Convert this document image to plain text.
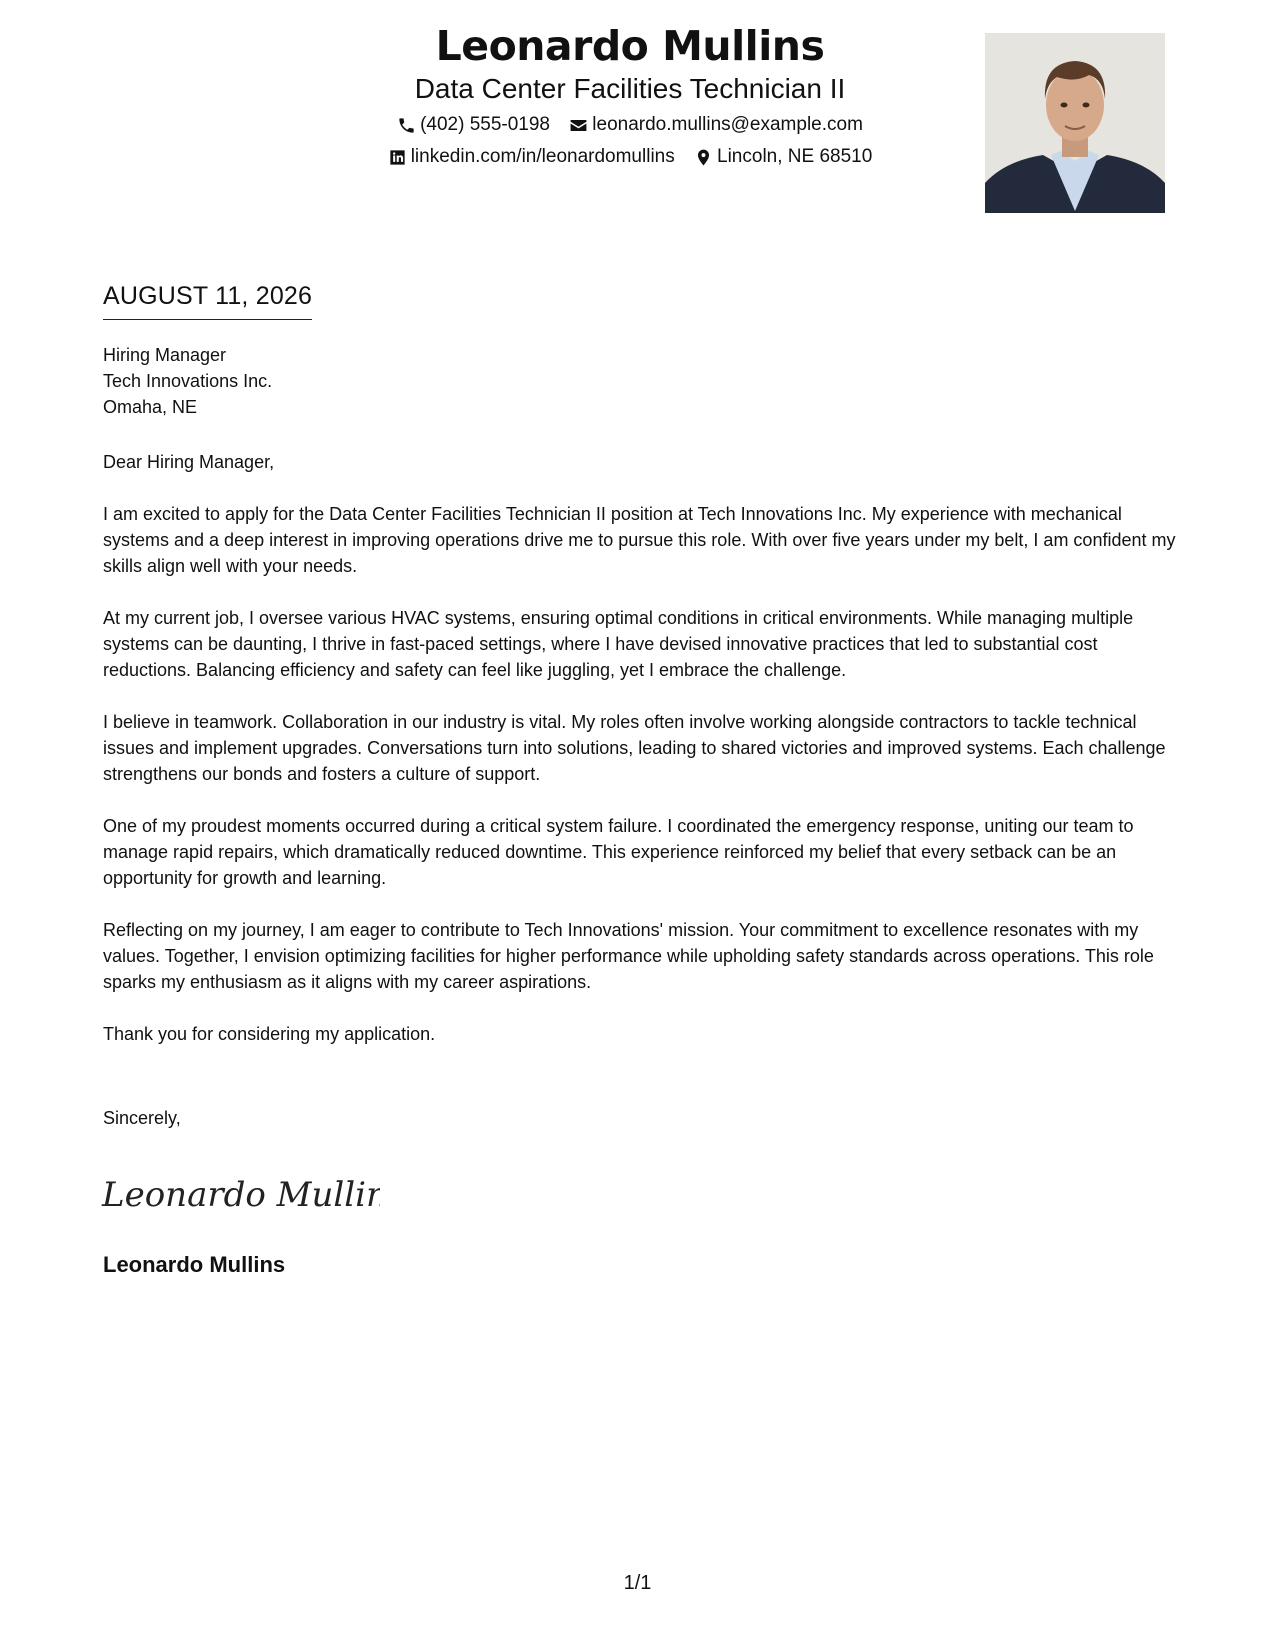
Leonardo Mullins
Data Center Facilities Technician II
(402) 555-0198
leonardo.mullins@example.com
linkedin.com/in/leonardomullins
Lincoln, NE 68510
AUGUST 11, 2026
Hiring Manager
Tech Innovations Inc.
Omaha, NE

Dear Hiring Manager,

I am excited to apply for the Data Center Facilities Technician II position at Tech Innovations Inc. My experience with mechanical systems and a deep interest in improving operations drive me to pursue this role. With over five years under my belt, I am confident my skills align well with your needs.

At my current job, I oversee various HVAC systems, ensuring optimal conditions in critical environments. While managing multiple systems can be daunting, I thrive in fast-paced settings, where I have devised innovative practices that led to substantial cost reductions. Balancing efficiency and safety can feel like juggling, yet I embrace the challenge.

I believe in teamwork. Collaboration in our industry is vital. My roles often involve working alongside contractors to tackle technical issues and implement upgrades. Conversations turn into solutions, leading to shared victories and improved systems. Each challenge strengthens our bonds and fosters a culture of support.

One of my proudest moments occurred during a critical system failure. I coordinated the emergency response, uniting our team to manage rapid repairs, which dramatically reduced downtime. This experience reinforced my belief that every setback can be an opportunity for growth and learning.

Reflecting on my journey, I am eager to contribute to Tech Innovations' mission. Your commitment to excellence resonates with my values. Together, I envision optimizing facilities for higher performance while upholding safety standards across operations. This role sparks my enthusiasm as it aligns with my career aspirations.

Thank you for considering my application.

Sincerely,
Leonardo Mullins
Leonardo Mullins
1/1
